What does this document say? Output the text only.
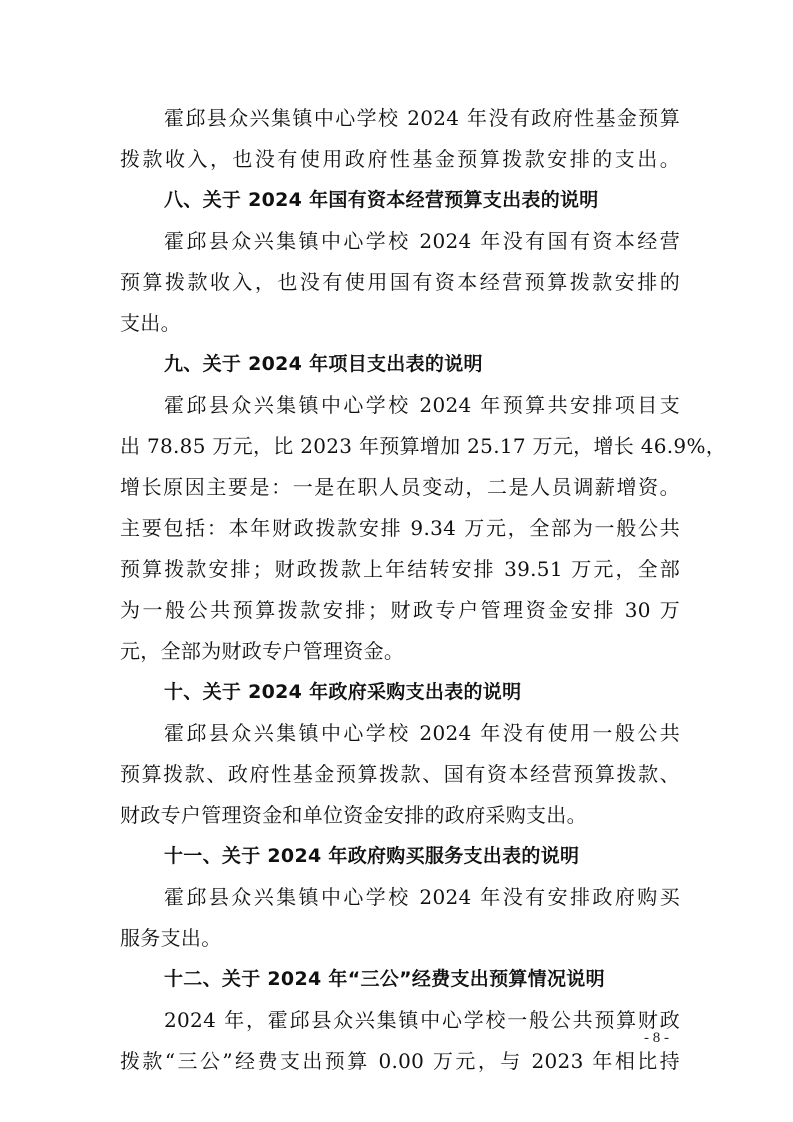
霍邱县众兴集镇中心学校 2024 年没有政府性基金预算
拨款收入，也没有使用政府性基金预算拨款安排的支出。
八、关于 2024 年国有资本经营预算支出表的说明
霍邱县众兴集镇中心学校 2024 年没有国有资本经营
预算拨款收入，也没有使用国有资本经营预算拨款安排的
支出。
九、关于 2024 年项目支出表的说明
霍邱县众兴集镇中心学校 2024 年预算共安排项目支
出 78.85 万元，比 2023 年预算增加 25.17 万元，增长 46.9%，
增长原因主要是：一是在职人员变动，二是人员调薪增资。
主要包括：本年财政拨款安排 9.34 万元，全部为一般公共
预算拨款安排；财政拨款上年结转安排 39.51 万元，全部
为一般公共预算拨款安排；财政专户管理资金安排 30 万
元，全部为财政专户管理资金。
十、关于 2024 年政府采购支出表的说明
霍邱县众兴集镇中心学校 2024 年没有使用一般公共
预算拨款、政府性基金预算拨款、国有资本经营预算拨款、
财政专户管理资金和单位资金安排的政府采购支出。
十一、关于 2024 年政府购买服务支出表的说明
霍邱县众兴集镇中心学校 2024 年没有安排政府购买
服务支出。
十二、关于 2024 年“三公”经费支出预算情况说明
2024 年，霍邱县众兴集镇中心学校一般公共预算财政
拨款“三公”经费支出预算 0.00 万元，与 2023 年相比持
- 8 -
